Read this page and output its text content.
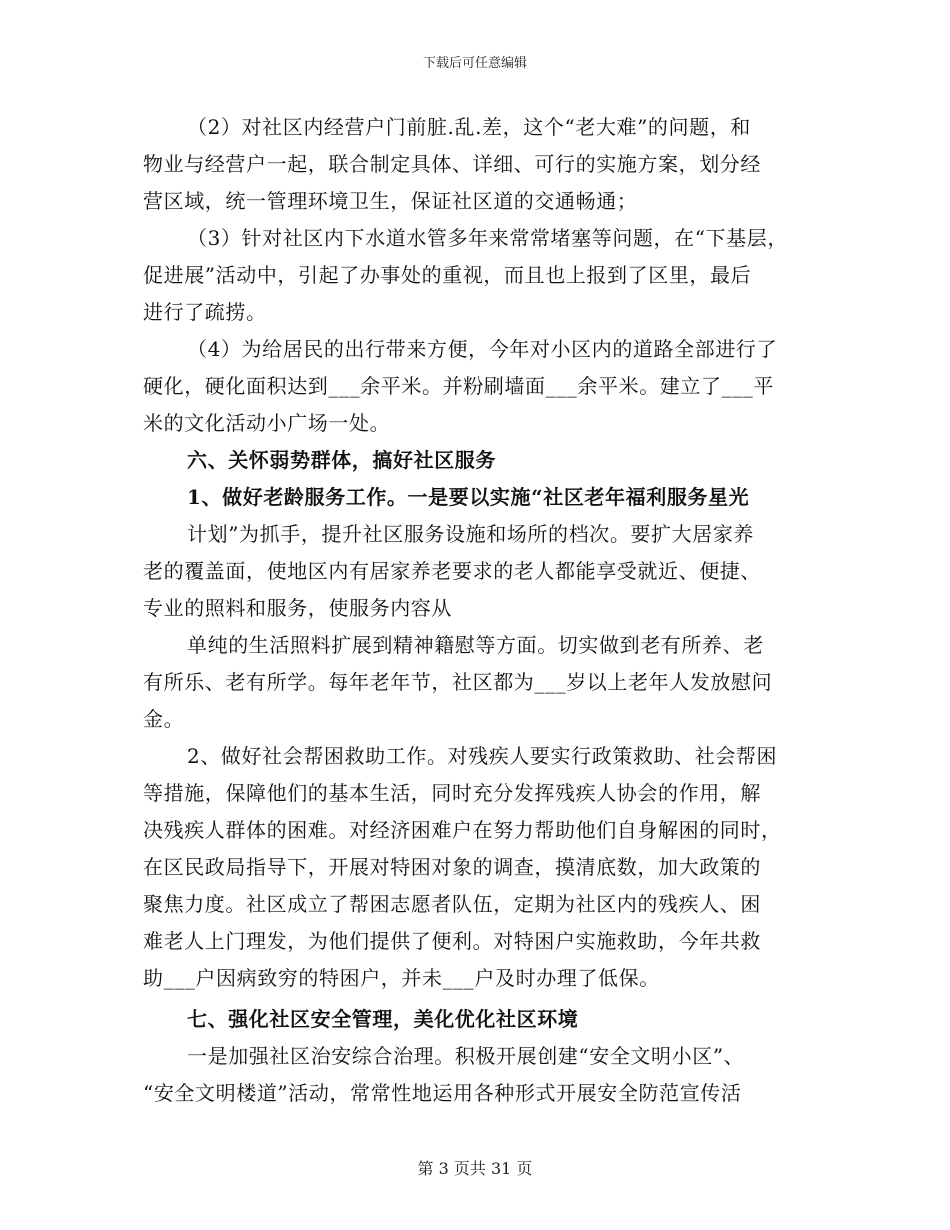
下载后可任意编辑
（2）对社区内经营户门前脏.乱.差，这个“老大难”的问题，和
物业与经营户一起，联合制定具体、详细、可行的实施方案，划分经
营区域，统一管理环境卫生，保证社区道的交通畅通；
（3）针对社区内下水道水管多年来常常堵塞等问题，在“下基层，
促进展”活动中，引起了办事处的重视，而且也上报到了区里，最后
进行了疏捞。
（4）为给居民的出行带来方便，今年对小区内的道路全部进行了
硬化，硬化面积达到___余平米。并粉刷墙面___余平米。建立了___平
米的文化活动小广场一处。
六、关怀弱势群体，搞好社区服务
1、做好老龄服务工作。一是要以实施“社区老年福利服务星光
计划”为抓手，提升社区服务设施和场所的档次。要扩大居家养
老的覆盖面，使地区内有居家养老要求的老人都能享受就近、便捷、
专业的照料和服务，使服务内容从
单纯的生活照料扩展到精神籍慰等方面。切实做到老有所养、老
有所乐、老有所学。每年老年节，社区都为___岁以上老年人发放慰问
金。
2、做好社会帮困救助工作。对残疾人要实行政策救助、社会帮困
等措施，保障他们的基本生活，同时充分发挥残疾人协会的作用，解
决残疾人群体的困难。对经济困难户在努力帮助他们自身解困的同时，
在区民政局指导下，开展对特困对象的调查，摸清底数，加大政策的
聚焦力度。社区成立了帮困志愿者队伍，定期为社区内的残疾人、困
难老人上门理发，为他们提供了便利。对特困户实施救助，今年共救
助___户因病致穷的特困户，并未___户及时办理了低保。
七、强化社区安全管理，美化优化社区环境
一是加强社区治安综合治理。积极开展创建“安全文明小区”、
“安全文明楼道”活动，常常性地运用各种形式开展安全防范宣传活
第 3 页共 31 页
